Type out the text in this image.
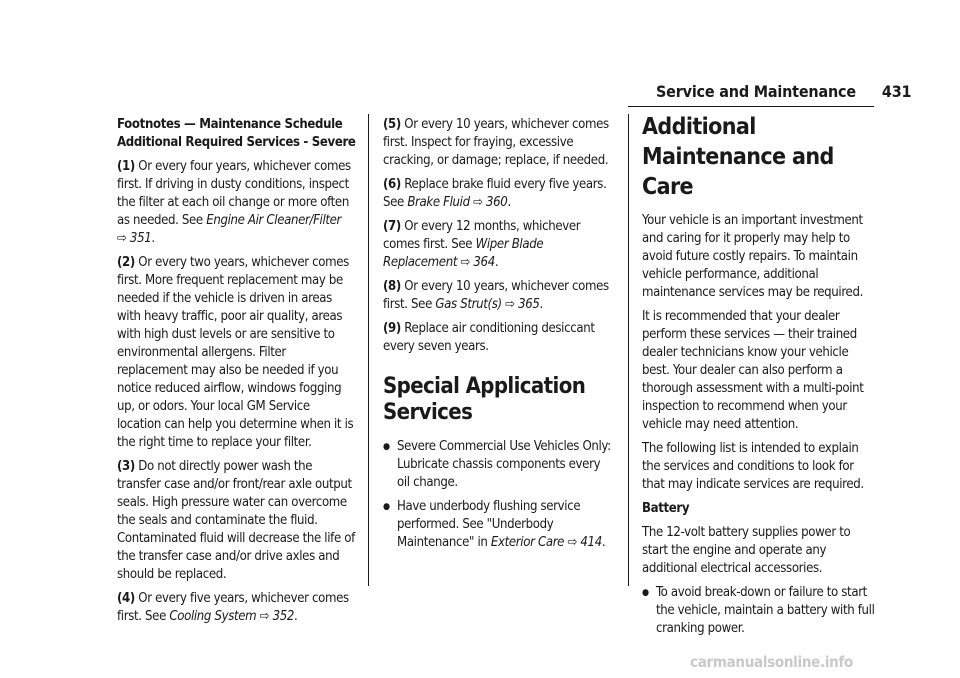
Service and Maintenance 431

Footnotes — Maintenance Schedule Additional Required Services - Severe

(1) Or every four years, whichever comes first. If driving in dusty conditions, inspect the filter at each oil change or more often as needed. See Engine Air Cleaner/Filter
⇨ 351.

(2) Or every two years, whichever comes first. More frequent replacement may be needed if the vehicle is driven in areas with heavy traffic, poor air quality, areas with high dust levels or are sensitive to environmental allergens. Filter replacement may also be needed if you notice reduced airflow, windows fogging up, or odors. Your local GM Service location can help you determine when it is the right time to replace your filter.

(3) Do not directly power wash the transfer case and/or front/rear axle output seals. High pressure water can overcome the seals and contaminate the fluid. Contaminated fluid will decrease the life of the transfer case and/or drive axles and should be replaced.

(4) Or every five years, whichever comes first. See Cooling System ⇨ 352.

(5) Or every 10 years, whichever comes first. Inspect for fraying, excessive cracking, or damage; replace, if needed.

(6) Replace brake fluid every five years. See Brake Fluid ⇨ 360.

(7) Or every 12 months, whichever comes first. See Wiper Blade Replacement ⇨ 364.

(8) Or every 10 years, whichever comes first. See Gas Strut(s) ⇨ 365.

(9) Replace air conditioning desiccant every seven years.

Special Application Services
● Severe Commercial Use Vehicles Only: Lubricate chassis components every oil change.
● Have underbody flushing service performed. See "Underbody Maintenance" in Exterior Care ⇨ 414.
Additional Maintenance and Care

Your vehicle is an important investment and caring for it properly may help to avoid future costly repairs. To maintain vehicle performance, additional maintenance services may be required.

It is recommended that your dealer perform these services — their trained dealer technicians know your vehicle best. Your dealer can also perform a thorough assessment with a multi-point inspection to recommend when your vehicle may need attention.

The following list is intended to explain the services and conditions to look for that may indicate services are required.

Battery

The 12-volt battery supplies power to start the engine and operate any additional electrical accessories.

● To avoid break-down or failure to start the vehicle, maintain a battery with full cranking power.
carmanualsonline.info
